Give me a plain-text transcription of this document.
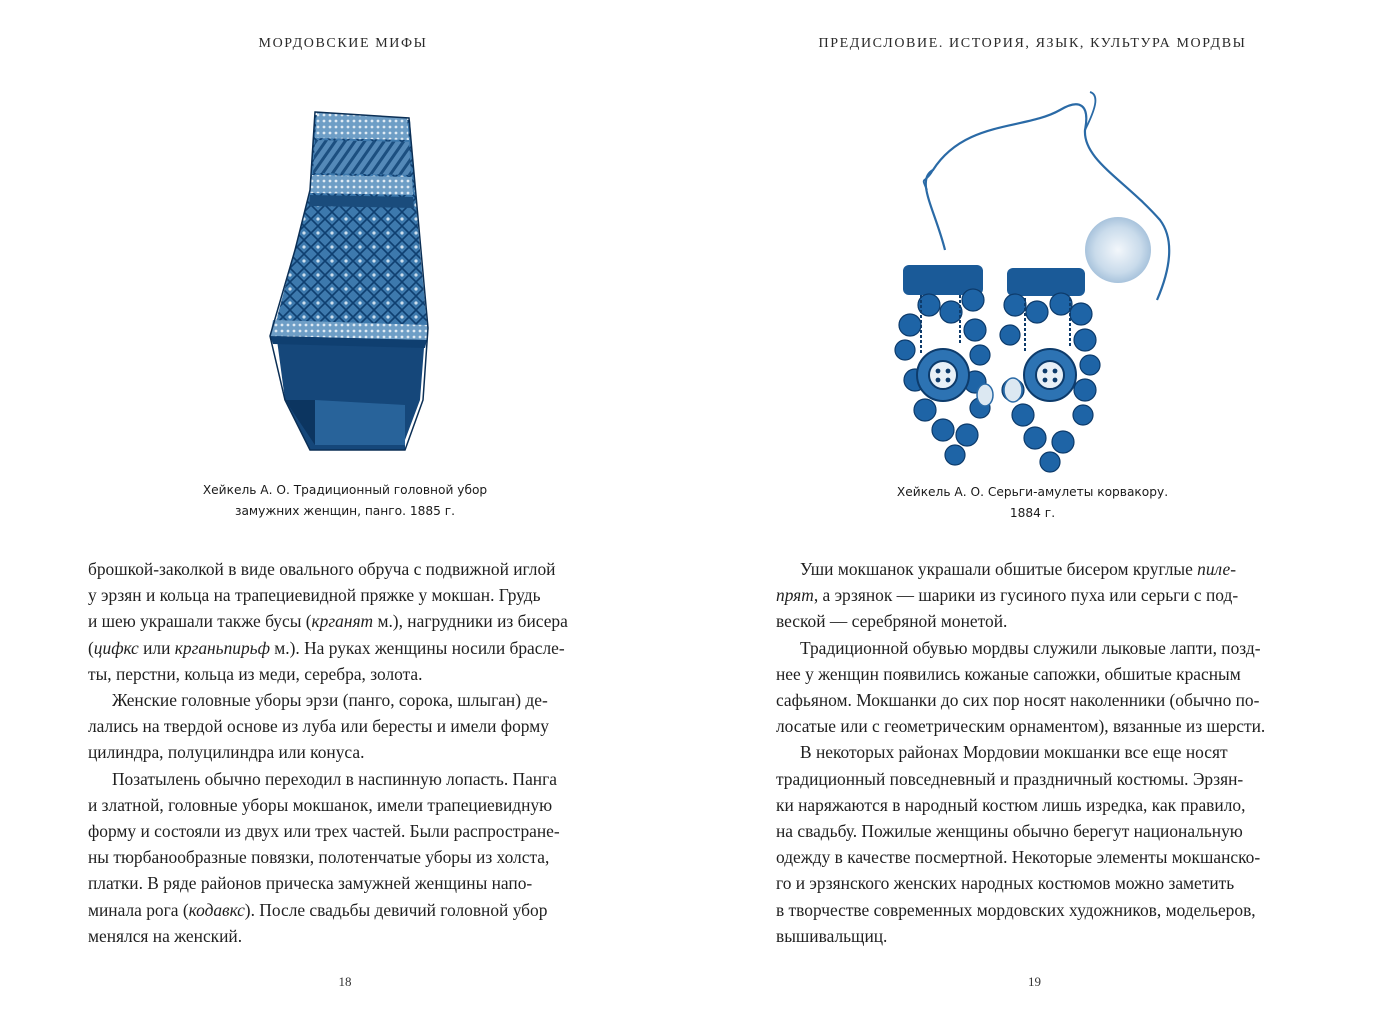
МОРДОВСКИЕ МИФЫ
Хейкель А. О. Традиционный головной убор
замужних женщин, панго. 1885 г.

брошкой-заколкой в виде овального обруча с подвижной иглой
у эрзян и кольца на трапециевидной пряжке у мокшан. Грудь
и шею украшали также бусы (крганят м.), нагрудники из бисера
(цифкс или крганьпирьф м.). На руках женщины носили брасле-
ты, перстни, кольца из меди, серебра, золота.

Женские головные уборы эрзи (панго, сорока, шлыган) де-
лались на твердой основе из луба или бересты и имели форму
цилиндра, полуцилиндра или конуса.

Позатылень обычно переходил в наспинную лопасть. Панга
и златной, головные уборы мокшанок, имели трапециевидную
форму и состояли из двух или трех частей. Были распростране-
ны тюрбанообразные повязки, полотенчатые уборы из холста,
платки. В ряде районов прическа замужней женщины напо-
минала рога (кодавкс). После свадьбы девичий головной убор
менялся на женский.

18
ПРЕДИСЛОВИЕ. ИСТОРИЯ, ЯЗЫК, КУЛЬТУРА МОРДВЫ
Хейкель А. О. Серьги-амулеты корвакору.
1884 г.

Уши мокшанок украшали обшитые бисером круглые пиле-
прят, а эрзянок — шарики из гусиного пуха или серьги с под-
веской — серебряной монетой.

Традиционной обувью мордвы служили лыковые лапти, позд-
нее у женщин появились кожаные сапожки, обшитые красным
сафьяном. Мокшанки до сих пор носят наколенники (обычно по-
лосатые или с геометрическим орнаментом), вязанные из шерсти.

В некоторых районах Мордовии мокшанки все еще носят
традиционный повседневный и праздничный костюмы. Эрзян-
ки наряжаются в народный костюм лишь изредка, как правило,
на свадьбу. Пожилые женщины обычно берегут национальную
одежду в качестве посмертной. Некоторые элементы мокшанско-
го и эрзянского женских народных костюмов можно заметить
в творчестве современных мордовских художников, модельеров,
вышивальщиц.

19
